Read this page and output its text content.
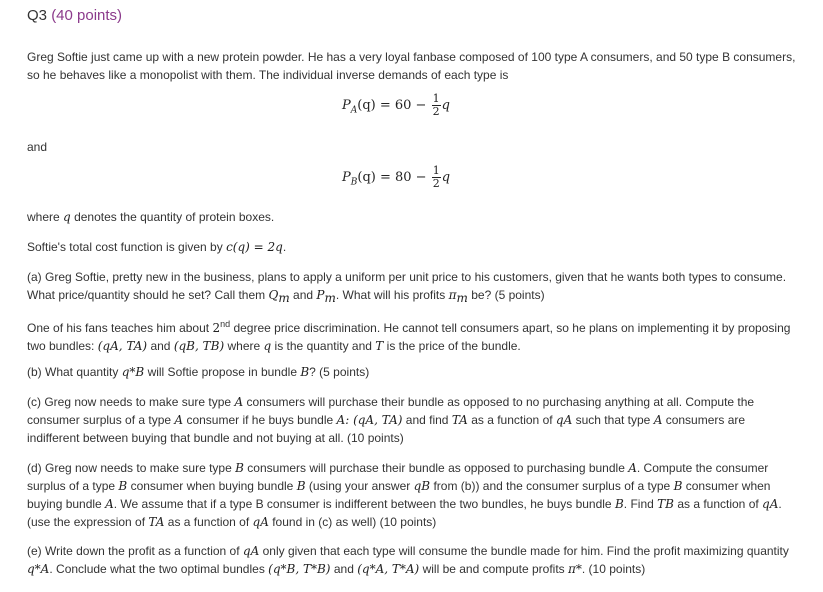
Q3 (40 points)

Greg Softie just came up with a new protein powder. He has a very loyal fanbase composed of 100 type A consumers, and 50 type B consumers, so he behaves like a monopolist with them. The individual inverse demands of each type is

$P_A(q) = 60 - \frac{1}{2}$ q

and

$P_B(q) = 80 - \frac{1}{2}$ q

where q denotes the quantity of protein boxes.

Softie's total cost function is given by c(q) = 2q.

(a) Greg Softie, pretty new in the business, plans to apply a uniform per unit price to his customers, given that he wants both types to consume. What price/quantity should he set? Call them $Q_m$ and $P_m$. What will his profits $\pi_m$ be? (5 points)

One of his fans teaches him about 2nd degree price discrimination. He cannot tell consumers apart, so he plans on implementing it by proposing two bundles: (qA, TA) and (qB, TB) where q is the quantity and T is the price of the bundle.

(b) What quantity q*B will Softie propose in bundle B? (5 points)

(c) Greg now needs to make sure type A consumers will purchase their bundle as opposed to no purchasing anything at all. Compute the consumer surplus of a type A consumer if he buys bundle A: (qA, TA) and find TA as a function of qA such that type A consumers are indifferent between buying that bundle and not buying at all. (10 points)

(d) Greg now needs to make sure type B consumers will purchase their bundle as opposed to purchasing bundle A. Compute the consumer surplus of a type B consumer when buying bundle B (using your answer qB from (b)) and the consumer surplus of a type B consumer when buying bundle A. We assume that if a type B consumer is indifferent between the two bundles, he buys bundle B. Find TB as a function of qA. (use the expression of TA as a function of qA found in (c) as well) (10 points)

(e) Write down the profit as a function of qA only given that each type will consume the bundle made for him. Find the profit maximizing quantity q*A. Conclude what the two optimal bundles (q*B, T*B) and (q*A, T*A) will be and compute profits π*. (10 points)
